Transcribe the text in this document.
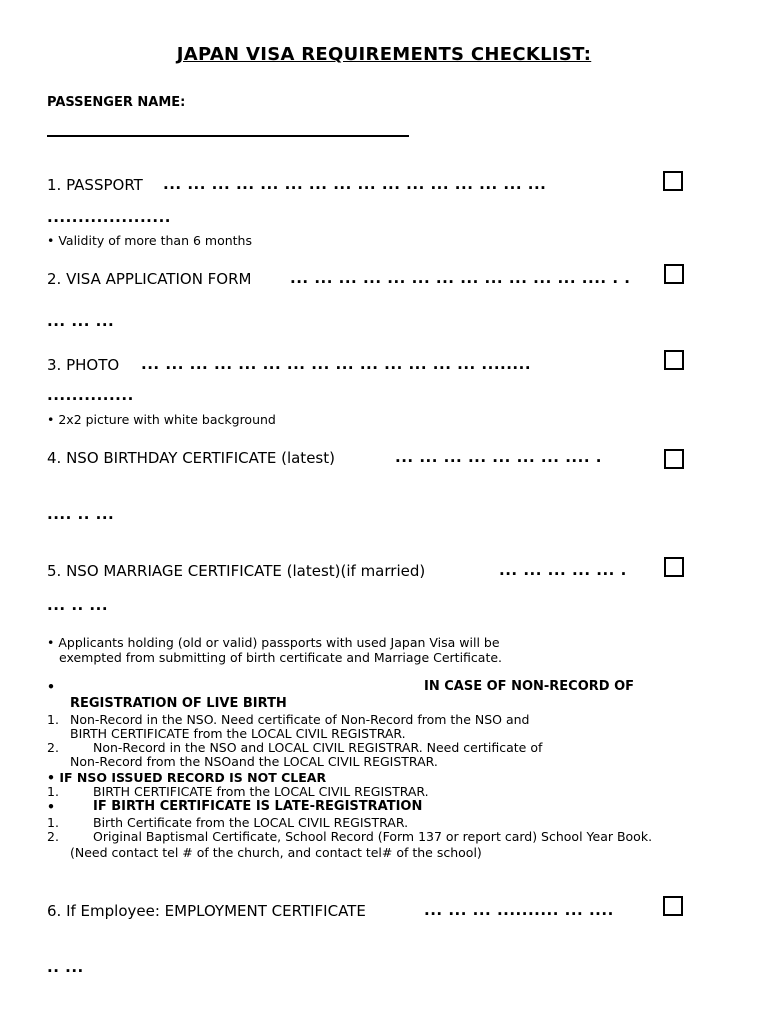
JAPAN VISA REQUIREMENTS CHECKLIST:
PASSENGER NAME:
1. PASSPORT ... ... ... ... ... ... ... ... ... ... ... ... ... ... ... ...
....................
• Validity of more than 6 months
2. VISA APPLICATION FORM	... ... ... ... ... ... ... ... ... ... ... ... .... . .
... ... ...
3. PHOTO ... ... ... ... ... ... ... ... ... ... ... ... ... ... ........
..............
• 2x2 picture with white background
4. NSO BIRTHDAY CERTIFICATE (latest)	... ... ... ... ... ... ... .... .
.... .. ...
5. NSO MARRIAGE CERTIFICATE (latest)(if married)	... ... ... ... ... .
... .. ...
• Applicants holding (old or valid) passports with used Japan Visa will be
exempted from submitting of birth certificate and Marriage Certificate.
•	IN CASE OF NON-RECORD OF
REGISTRATION OF LIVE BIRTH
1. Non-Record in the NSO. Need certificate of Non-Record from the NSO and
BIRTH CERTIFICATE from the LOCAL CIVIL REGISTRAR.
2.	Non-Record in the NSO and LOCAL CIVIL REGISTRAR. Need certificate of
Non-Record from the NSOand the LOCAL CIVIL REGISTRAR.
• IF NSO ISSUED RECORD IS NOT CLEAR
1.	BIRTH CERTIFICATE from the LOCAL CIVIL REGISTRAR.
•	IF BIRTH CERTIFICATE IS LATE-REGISTRATION
1.	Birth Certificate from the LOCAL CIVIL REGISTRAR.
2.	Original Baptismal Certificate, School Record (Form 137 or report card) School Year Book.
(Need contact tel # of the church, and contact tel# of the school)
6. If Employee: EMPLOYMENT CERTIFICATE	... ... ... .......... ... ....
.. ...
